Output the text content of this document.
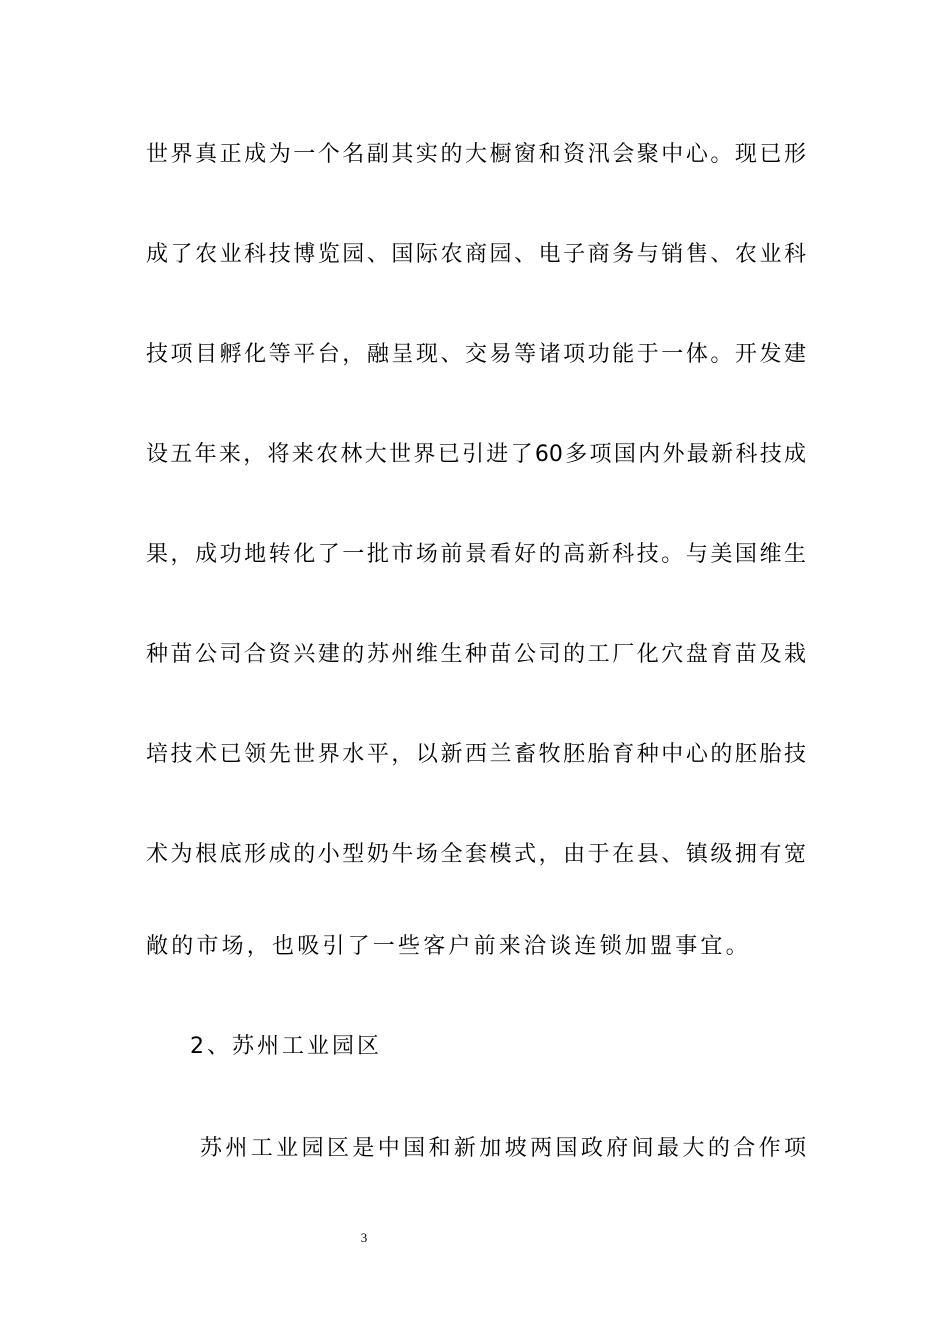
世界真正成为一个名副其实的大橱窗和资汛会聚中心。现已形
成了农业科技博览园、国际农商园、电子商务与销售、农业科
技项目孵化等平台，融呈现、交易等诸项功能于一体。开发建
设五年来，将来农林大世界已引进了60多项国内外最新科技成
果，成功地转化了一批市场前景看好的高新科技。与美国维生
种苗公司合资兴建的苏州维生种苗公司的工厂化穴盘育苗及栽
培技术已领先世界水平，以新西兰畜牧胚胎育种中心的胚胎技
术为根底形成的小型奶牛场全套模式，由于在县、镇级拥有宽
敞的市场，也吸引了一些客户前来洽谈连锁加盟事宜。
2、苏州工业园区
苏州工业园区是中国和新加坡两国政府间最大的合作项
3
